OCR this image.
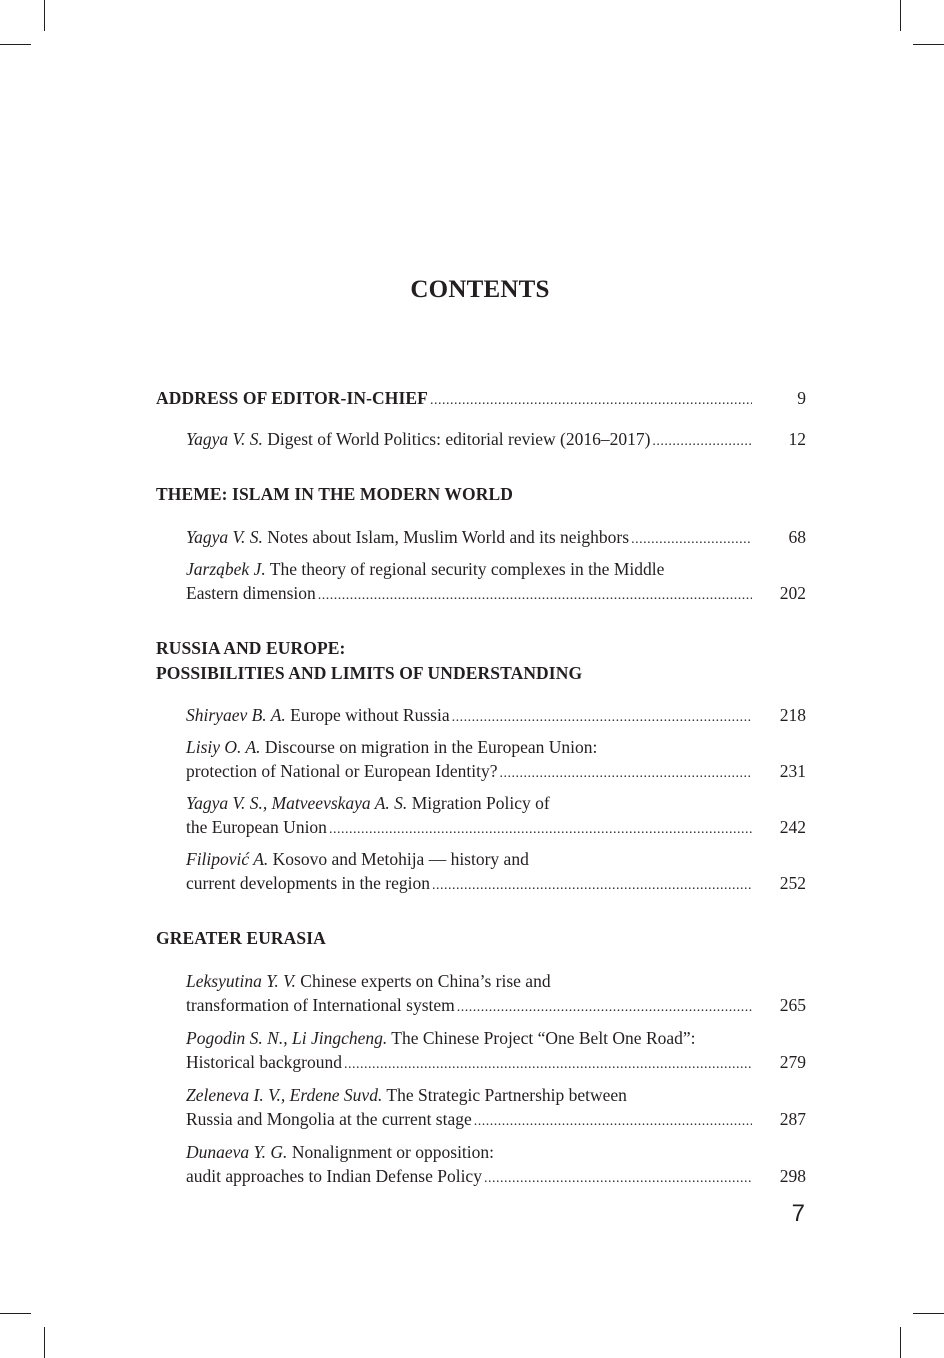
CONTENTS
ADDRESS OF EDITOR-IN-CHIEF .....	9
Yagya V. S. Digest of World Politics: editorial review (2016–2017) .....	12
THEME: ISLAM IN THE MODERN WORLD
Yagya V. S. Notes about Islam, Muslim World and its neighbors .....	68
Jarząbek J. The theory of regional security complexes in the Middle
Eastern dimension .....	202
RUSSIA AND EUROPE:
POSSIBILITIES AND LIMITS OF UNDERSTANDING
Shiryaev B. A. Europe without Russia .....	218
Lisiy O. A. Discourse on migration in the European Union:
protection of National or European Identity? .....	231
Yagya V. S., Matveevskaya A. S. Migration Policy of
the European Union .....	242
Filipović A. Kosovo and Metohija — history and
current developments in the region .....	252
GREATER EURASIA
Leksyutina Y. V. Chinese experts on China’s rise and
transformation of International system .....	265
Pogodin S. N., Li Jingcheng. The Chinese Project “One Belt One Road”:
Historical background .....	279
Zeleneva I. V., Erdene Suvd. The Strategic Partnership between
Russia and Mongolia at the current stage .....	287
Dunaeva Y. G. Nonalignment or opposition:
audit approaches to Indian Defense Policy .....	298
7
